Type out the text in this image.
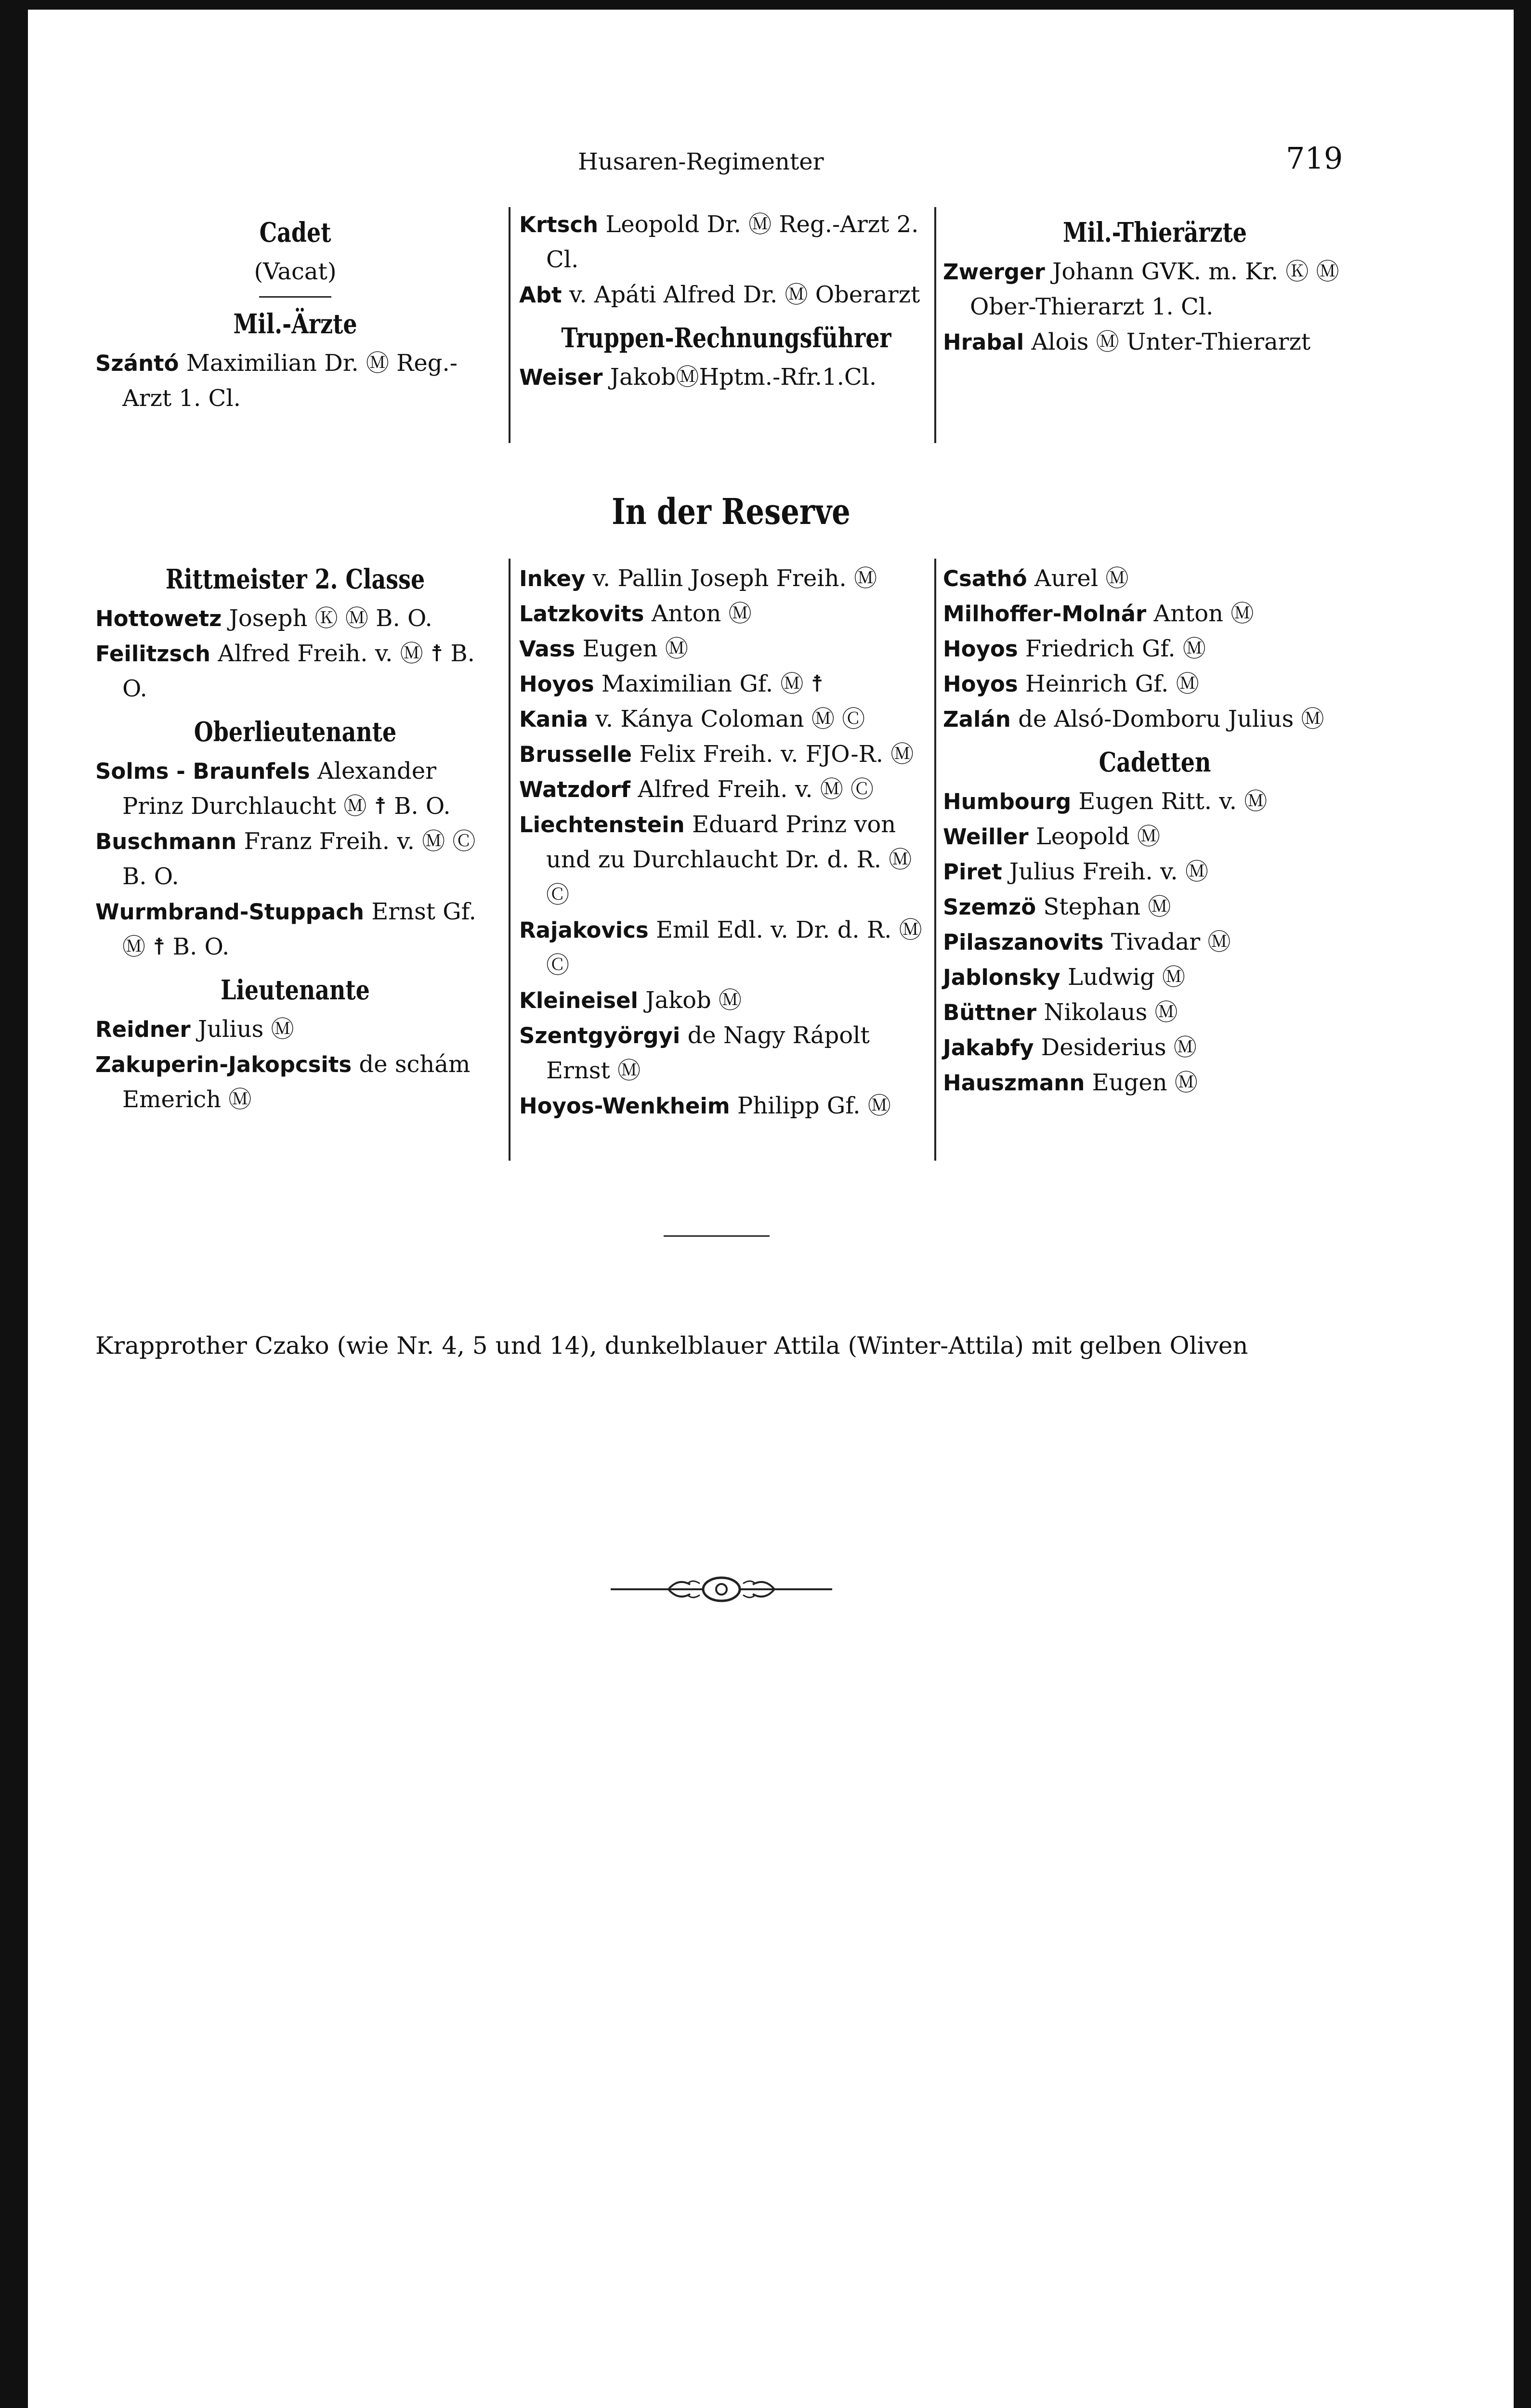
Husaren-Regimenter	719
Cadet
(Vacat)
Mil.-Ärzte

Szántó Maximilian Dr. Ⓜ Reg.-Arzt 1. Cl.

Krtsch Leopold Dr. Ⓜ Reg.-Arzt 2. Cl.

Abt v. Apáti Alfred Dr. Ⓜ Oberarzt

Truppen-Rechnungsführer

Weiser JakobⓂHptm.-Rfr.1.Cl.

Mil.-Thierärzte

Zwerger Johann GVK. m. Kr. Ⓚ Ⓜ Ober-Thierarzt 1. Cl.

Hrabal Alois Ⓜ Unter-Thierarzt

In der Reserve
Rittmeister 2. Classe

Hottowetz Joseph Ⓚ Ⓜ B. O.

Feilitzsch Alfred Freih. v. Ⓜ ☨ B. O.

Oberlieutenante

Solms - Braunfels Alexander Prinz Durchlaucht Ⓜ ☨ B. O.

Buschmann Franz Freih. v. Ⓜ Ⓒ B. O.

Wurmbrand-Stuppach Ernst Gf. Ⓜ ☨ B. O.

Lieutenante

Reidner Julius Ⓜ

Zakuperin-Jakopcsits de schám Emerich Ⓜ

Inkey v. Pallin Joseph Freih. Ⓜ

Latzkovits Anton Ⓜ

Vass Eugen Ⓜ

Hoyos Maximilian Gf. Ⓜ ☨

Kania v. Kánya Coloman Ⓜ Ⓒ

Brusselle Felix Freih. v. FJO-R. Ⓜ

Watzdorf Alfred Freih. v. Ⓜ Ⓒ

Liechtenstein Eduard Prinz von und zu Durchlaucht Dr. d. R. Ⓜ Ⓒ

Rajakovics Emil Edl. v. Dr. d. R. Ⓜ Ⓒ

Kleineisel Jakob Ⓜ

Szentgyörgyi de Nagy Rápolt Ernst Ⓜ

Hoyos-Wenkheim Philipp Gf. Ⓜ

Csathó Aurel Ⓜ

Milhoffer-Molnár Anton Ⓜ

Hoyos Friedrich Gf. Ⓜ

Hoyos Heinrich Gf. Ⓜ

Zalán de Alsó-Domboru Julius Ⓜ

Cadetten

Humbourg Eugen Ritt. v. Ⓜ

Weiller Leopold Ⓜ

Piret Julius Freih. v. Ⓜ

Szemzö Stephan Ⓜ

Pilaszanovits Tivadar Ⓜ

Jablonsky Ludwig Ⓜ

Büttner Nikolaus Ⓜ

Jakabfy Desiderius Ⓜ

Hauszmann Eugen Ⓜ

Krapprother Czako (wie Nr. 4, 5 und 14), dunkelblauer Attila (Winter-Attila) mit gelben Oliven
